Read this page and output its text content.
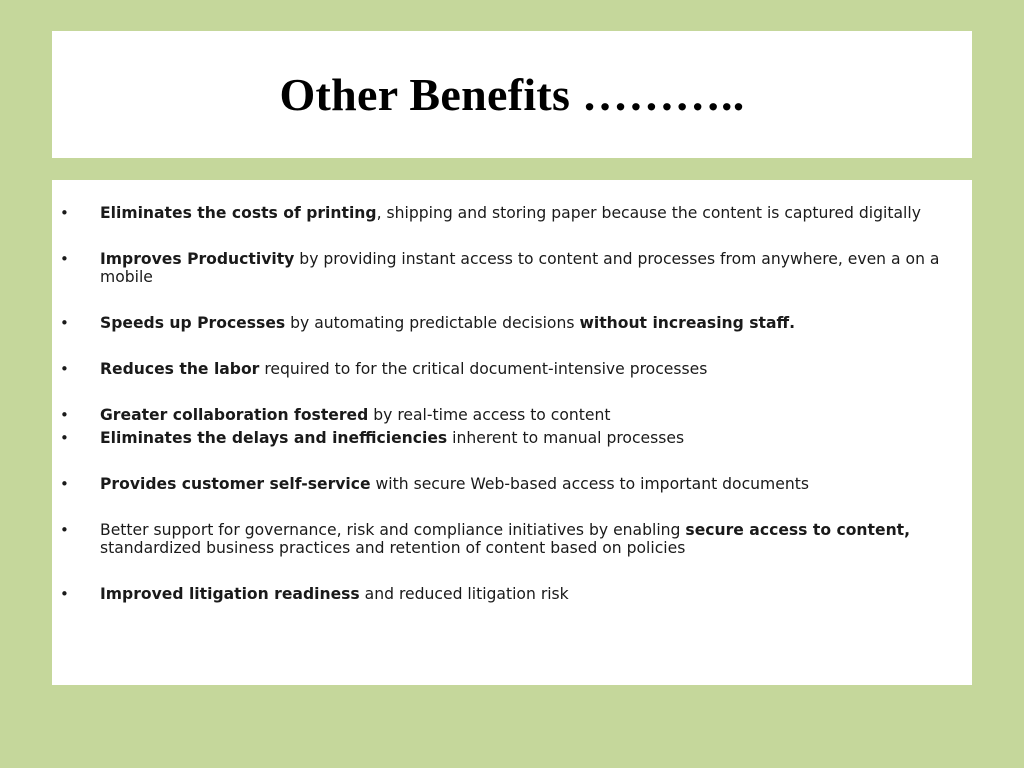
Other Benefits ………..
• Eliminates the costs of printing, shipping and storing paper because the content is captured digitally
• Improves Productivity by providing instant access to content and processes from anywhere, even a on a mobile
• Speeds up Processes by automating predictable decisions without increasing staff.
• Reduces the labor required to for the critical document-intensive processes
• Greater collaboration fostered by real-time access to content
• Eliminates the delays and inefficiencies inherent to manual processes
• Provides customer self-service with secure Web-based access to important documents
• Better support for governance, risk and compliance initiatives by enabling secure access to content, standardized business practices and retention of content based on policies
• Improved litigation readiness and reduced litigation risk
